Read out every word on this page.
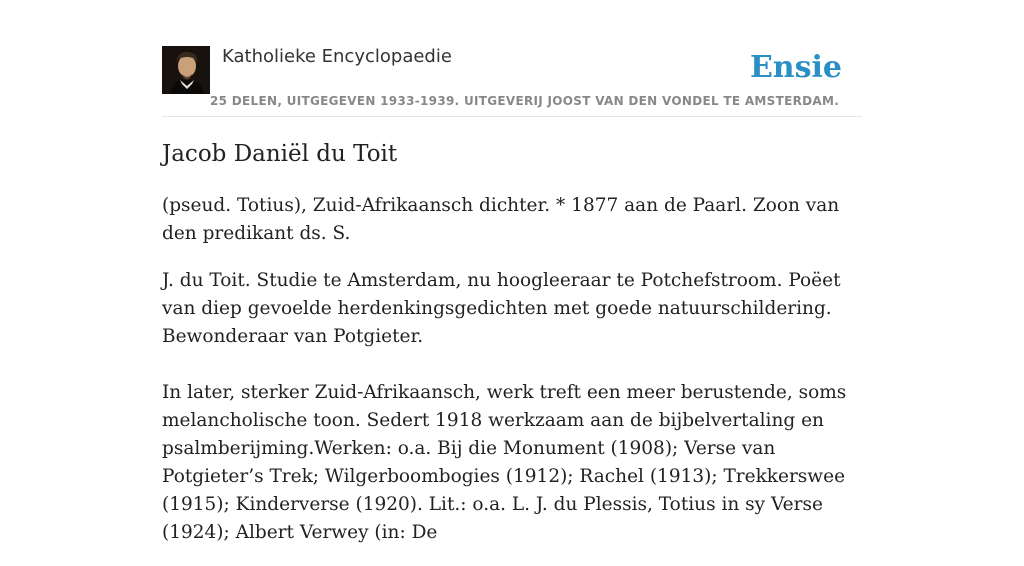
Katholieke Encyclopaedie
25 DELEN, UITGEGEVEN 1933-1939. UITGEVERIJ JOOST VAN DEN VONDEL TE AMSTERDAM.
Ensie
Jacob Daniël du Toit

(pseud. Totius), Zuid-Afrikaansch dichter. * 1877 aan de Paarl. Zoon van den predikant ds. S.

J. du Toit. Studie te Amsterdam, nu hoogleeraar te Potchefstroom. Poëet van diep gevoelde herdenkingsgedichten met goede natuurschildering. Bewonderaar van Potgieter.

In later, sterker Zuid-Afrikaansch, werk treft een meer berustende, soms melancholische toon. Sedert 1918 werkzaam aan de bijbelvertaling en psalmberijming.Werken: o.a. Bij die Monument (1908); Verse van Potgieter’s Trek; Wilgerboombogies (1912); Rachel (1913); Trekkerswee (1915); Kinderverse (1920). Lit.: o.a. L. J. du Plessis, Totius in sy Verse (1924); Albert Verwey (in: De
